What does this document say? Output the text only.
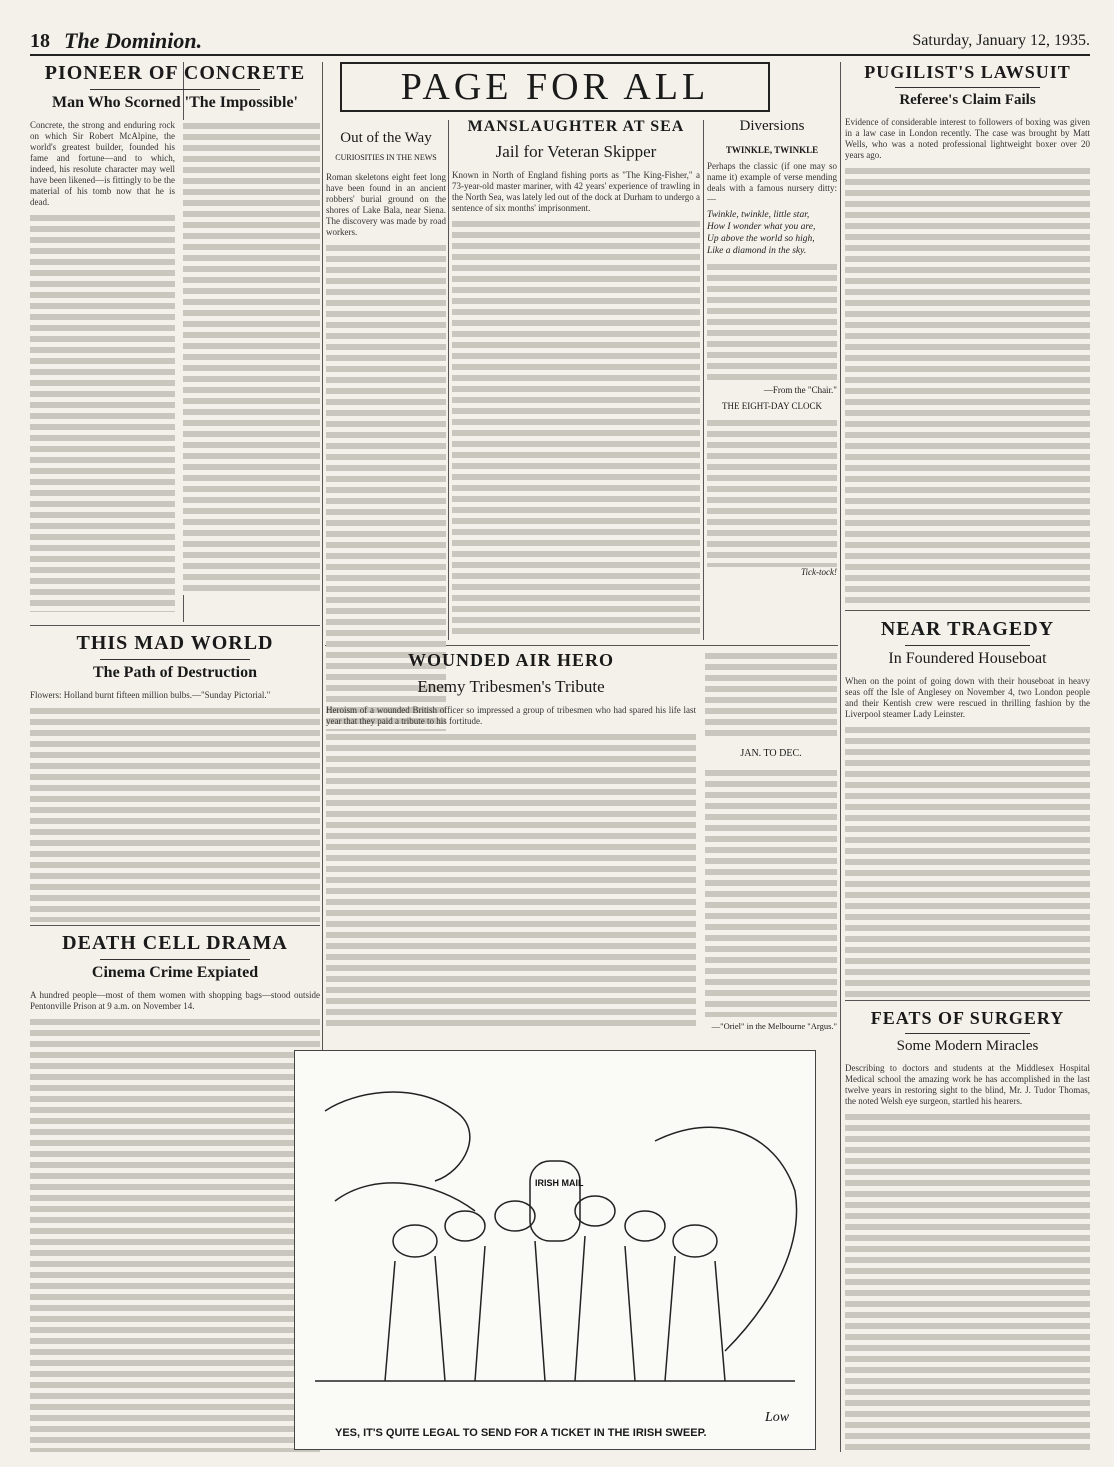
18 The Dominion.	Saturday, January 12, 1935.
PAGE FOR ALL
PIONEER OF CONCRETE
Man Who Scorned 'The Impossible'

Concrete, the strong and enduring rock on which Sir Robert McAlpine, the world's greatest builder, founded his fame and fortune—and to which, indeed, his resolute character may well have been likened—is fittingly to be the material of his tomb now that he is dead.

Out of the Way
CURIOSITIES IN THE NEWS

Roman skeletons eight feet long have been found in an ancient robbers' burial ground on the shores of Lake Bala, near Siena. The discovery was made by road workers.

MANSLAUGHTER AT SEA
Jail for Veteran Skipper

Known in North of England fishing ports as "The King-Fisher," a 73-year-old master mariner, with 42 years' experience of trawling in the North Sea, was lately led out of the dock at Durham to undergo a sentence of six months' imprisonment.

Diversions
TWINKLE, TWINKLE

Perhaps the classic (if one may so name it) example of verse mending deals with a famous nursery ditty:—

Twinkle, twinkle, little star,
How I wonder what you are,
Up above the world so high,
Like a diamond in the sky.
—From the "Chair."
THE EIGHT-DAY CLOCK
Tick-tock!
PUGILIST'S LAWSUIT
Referee's Claim Fails

Evidence of considerable interest to followers of boxing was given in a law case in London recently. The case was brought by Matt Wells, who was a noted professional lightweight boxer over 20 years ago.

THIS MAD WORLD
The Path of Destruction

Flowers: Holland burnt fifteen million bulbs.—"Sunday Pictorial."

DEATH CELL DRAMA
Cinema Crime Expiated

A hundred people—most of them women with shopping bags—stood outside Pentonville Prison at 9 a.m. on November 14.

WOUNDED AIR HERO
Enemy Tribesmen's Tribute

Heroism of a wounded British officer so impressed a group of tribesmen who had spared his life last year that they paid a tribute to his fortitude.

JAN. TO DEC.
—"Oriel" in the Melbourne "Argus."
NEAR TRAGEDY
In Foundered Houseboat

When on the point of going down with their houseboat in heavy seas off the Isle of Anglesey on November 4, two London people and their Kentish crew were rescued in thrilling fashion by the Liverpool steamer Lady Leinster.

FEATS OF SURGERY
Some Modern Miracles

Describing to doctors and students at the Middlesex Hospital Medical school the amazing work he has accomplished in the last twelve years in restoring sight to the blind, Mr. J. Tudor Thomas, the noted Welsh eye surgeon, startled his hearers.

IRISH MAIL
Low
YES, IT'S QUITE LEGAL TO SEND FOR A TICKET IN THE IRISH SWEEP.
